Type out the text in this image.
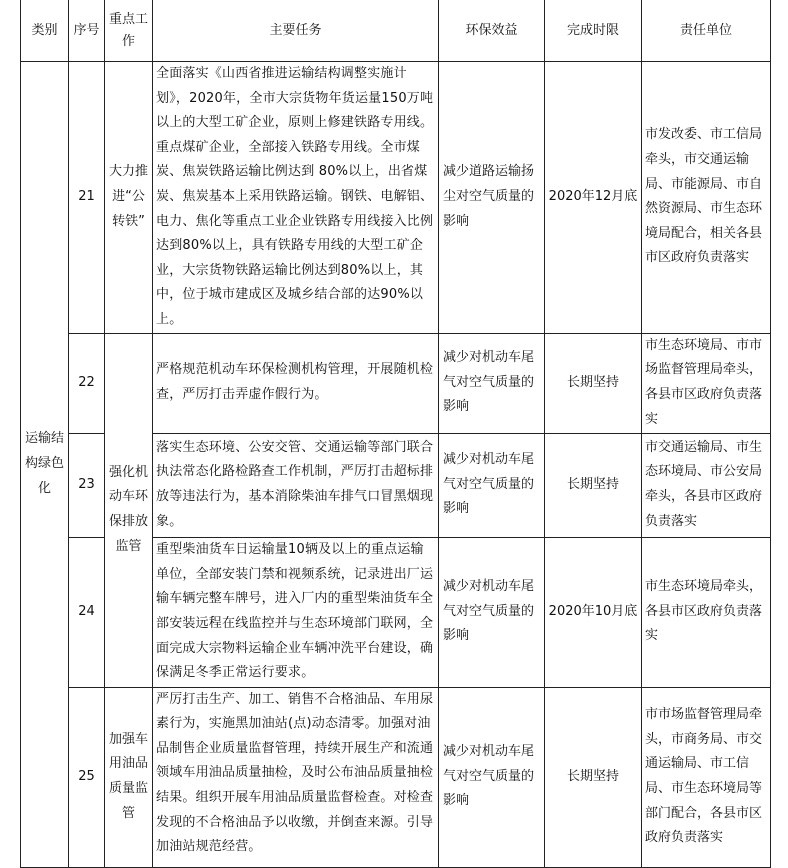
类别	序号	重点工作	主要任务	环保效益	完成时限	责任单位
运输结构绿色化	21	大力推进“公转铁”	全面落实《山西省推进运输结构调整实施计划》，2020年，全市大宗货物年货运量150万吨以上的大型工矿企业，原则上修建铁路专用线。重点煤矿企业，全部接入铁路专用线。全市煤炭、焦炭铁路运输比例达到 80%以上，出省煤炭、焦炭基本上采用铁路运输。钢铁、电解铝、电力、焦化等重点工业企业铁路专用线接入比例达到80%以上，具有铁路专用线的大型工矿企业，大宗货物铁路运输比例达到80%以上，其中，位于城市建成区及城乡结合部的达90%以上。	减少道路运输扬尘对空气质量的影响	2020年12月底	市发改委、市工信局牵头，市交通运输局、市能源局、市自然资源局、市生态环境局配合，相关各县市区政府负责落实
	22	强化机动车环保排放监管	严格规范机动车环保检测机构管理，开展随机检查，严厉打击弄虚作假行为。	减少对机动车尾气对空气质量的影响	长期坚持	市生态环境局、市市场监督管理局牵头，各县市区政府负责落实
	23		落实生态环境、公安交管、交通运输等部门联合执法常态化路检路查工作机制，严厉打击超标排放等违法行为，基本消除柴油车排气口冒黑烟现象。	减少对机动车尾气对空气质量的影响	长期坚持	市交通运输局、市生态环境局、市公安局牵头，各县市区政府负责落实
	24		重型柴油货车日运输量10辆及以上的重点运输单位，全部安装门禁和视频系统，记录进出厂运输车辆完整车牌号，进入厂内的重型柴油货车全部安装远程在线监控并与生态环境部门联网，全面完成大宗物料运输企业车辆冲洗平台建设，确保满足冬季正常运行要求。	减少对机动车尾气对空气质量的影响	2020年10月底	市生态环境局牵头，各县市区政府负责落实
	25	加强车用油品质量监管	严厉打击生产、加工、销售不合格油品、车用尿素行为，实施黑加油站(点)动态清零。加强对油品制售企业质量监督管理，持续开展生产和流通领域车用油品质量抽检，及时公布油品质量抽检结果。组织开展车用油品质量监督检查。对检查发现的不合格油品予以收缴，并倒查来源。引导加油站规范经营。	减少对机动车尾气对空气质量的影响	长期坚持	市市场监督管理局牵头，市商务局、市交通运输局、市工信局、市生态环境局等部门配合，各县市区政府负责落实
